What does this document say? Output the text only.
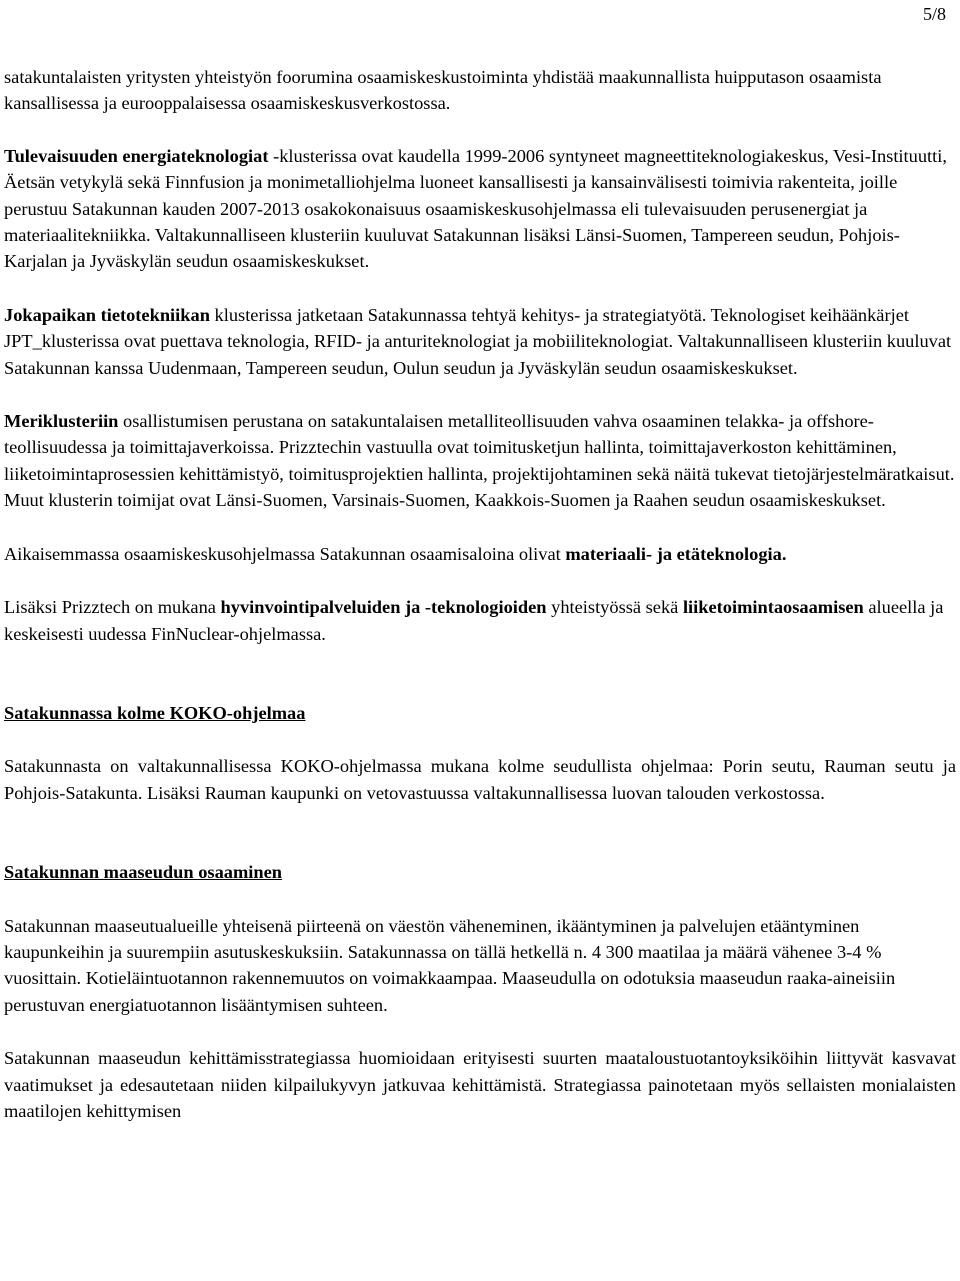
5/8

satakuntalaisten yritysten yhteistyön foorumina osaamiskeskustoiminta yhdistää maakunnallista huipputason osaamista kansallisessa ja eurooppalaisessa osaamiskeskusverkostossa.

Tulevaisuuden energiateknologiat -klusterissa ovat kaudella 1999-2006 syntyneet magneettiteknologiakeskus, Vesi-Instituutti, Äetsän vetykylä sekä Finnfusion ja monimetalliohjelma luoneet kansallisesti ja kansainvälisesti toimivia rakenteita, joille perustuu Satakunnan kauden 2007-2013 osakokonaisuus osaamiskeskusohjelmassa eli tulevaisuuden perusenergiat ja materiaalitekniikka. Valtakunnalliseen klusteriin kuuluvat Satakunnan lisäksi Länsi-Suomen, Tampereen seudun, Pohjois-Karjalan ja Jyväskylän seudun osaamiskeskukset.

Jokapaikan tietotekniikan klusterissa jatketaan Satakunnassa tehtyä kehitys- ja strategiatyötä. Teknologiset keihäänkärjet JPT_klusterissa ovat puettava teknologia, RFID- ja anturiteknologiat ja mobiiliteknologiat. Valtakunnalliseen klusteriin kuuluvat Satakunnan kanssa Uudenmaan, Tampereen seudun, Oulun seudun ja Jyväskylän seudun osaamiskeskukset.

Meriklusteriin osallistumisen perustana on satakuntalaisen metalliteollisuuden vahva osaaminen telakka- ja offshore-teollisuudessa ja toimittajaverkoissa. Prizztechin vastuulla ovat toimitusketjun hallinta, toimittajaverkoston kehittäminen, liiketoimintaprosessien kehittämistyö, toimitusprojektien hallinta, projektijohtaminen sekä näitä tukevat tietojärjestelmäratkaisut. Muut klusterin toimijat ovat Länsi-Suomen, Varsinais-Suomen, Kaakkois-Suomen ja Raahen seudun osaamiskeskukset.

Aikaisemmassa osaamiskeskusohjelmassa Satakunnan osaamisaloina olivat materiaali- ja etäteknologia.

Lisäksi Prizztech on mukana hyvinvointipalveluiden ja -teknologioiden yhteistyössä sekä liiketoimintaosaamisen alueella ja keskeisesti uudessa FinNuclear-ohjelmassa.

Satakunnassa kolme KOKO-ohjelmaa

Satakunnasta on valtakunnallisessa KOKO-ohjelmassa mukana kolme seudullista ohjelmaa: Porin seutu, Rauman seutu ja Pohjois-Satakunta. Lisäksi Rauman kaupunki on vetovastuussa valtakunnallisessa luovan talouden verkostossa.

Satakunnan maaseudun osaaminen

Satakunnan maaseutualueille yhteisenä piirteenä on väestön väheneminen, ikääntyminen ja palvelujen etääntyminen kaupunkeihin ja suurempiin asutuskeskuksiin. Satakunnassa on tällä hetkellä n. 4 300 maatilaa ja määrä vähenee 3-4 % vuosittain. Kotieläintuotannon rakennemuutos on voimakkaampaa. Maaseudulla on odotuksia maaseudun raaka-aineisiin perustuvan energiatuotannon lisääntymisen suhteen.

Satakunnan maaseudun kehittämisstrategiassa huomioidaan erityisesti suurten maataloustuotantoyksiköihin liittyvät kasvavat vaatimukset ja edesautetaan niiden kilpailukyvyn jatkuvaa kehittämistä. Strategiassa painotetaan myös sellaisten monialaisten maatilojen kehittymisen
